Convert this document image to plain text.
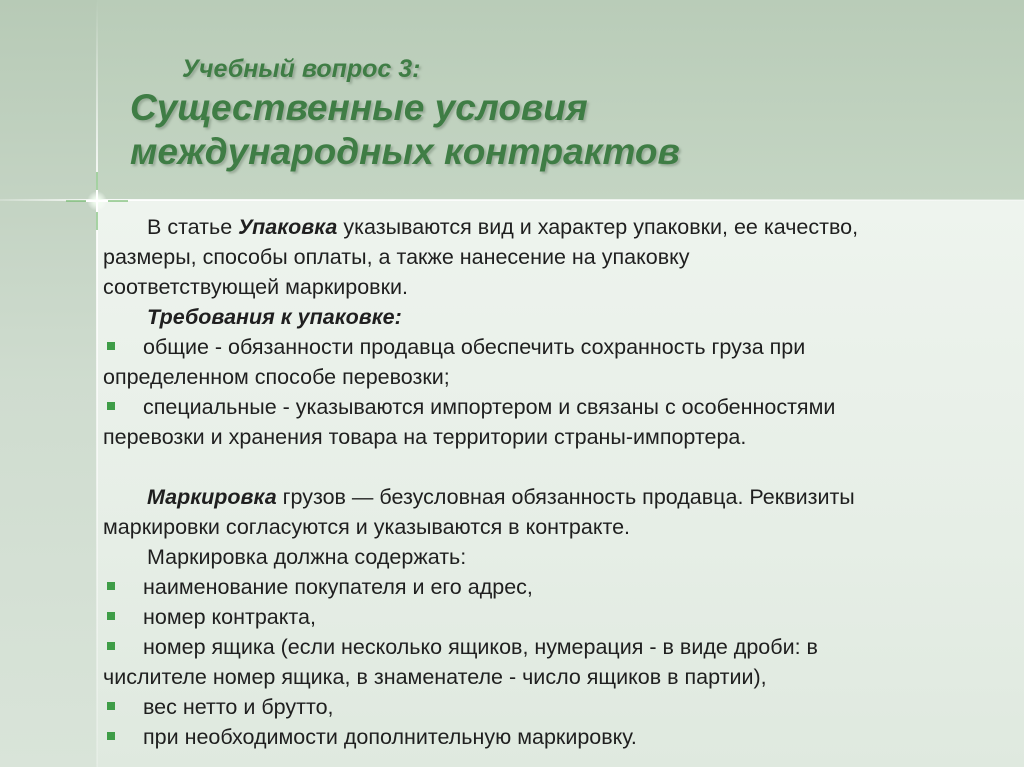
Учебный вопрос 3:
Существенные условия
международных контрактов
В статье Упаковка указываются вид и характер упаковки, ее качество,
размеры, способы оплаты, а также нанесение на упаковку
соответствующей маркировки.
Требования к упаковке:
общие - обязанности продавца обеспечить сохранность груза при
определенном способе перевозки;
специальные - указываются импортером и связаны с особенностями
перевозки и хранения товара на территории страны-импортера.
Маркировка грузов — безусловная обязанность продавца. Реквизиты
маркировки согласуются и указываются в контракте.
Маркировка должна содержать:
наименование покупателя и его адрес,
номер контракта,
номер ящика (если несколько ящиков, нумерация - в виде дроби: в
числителе номер ящика, в знаменателе - число ящиков в партии),
вес нетто и брутто,
при необходимости дополнительную маркировку.
